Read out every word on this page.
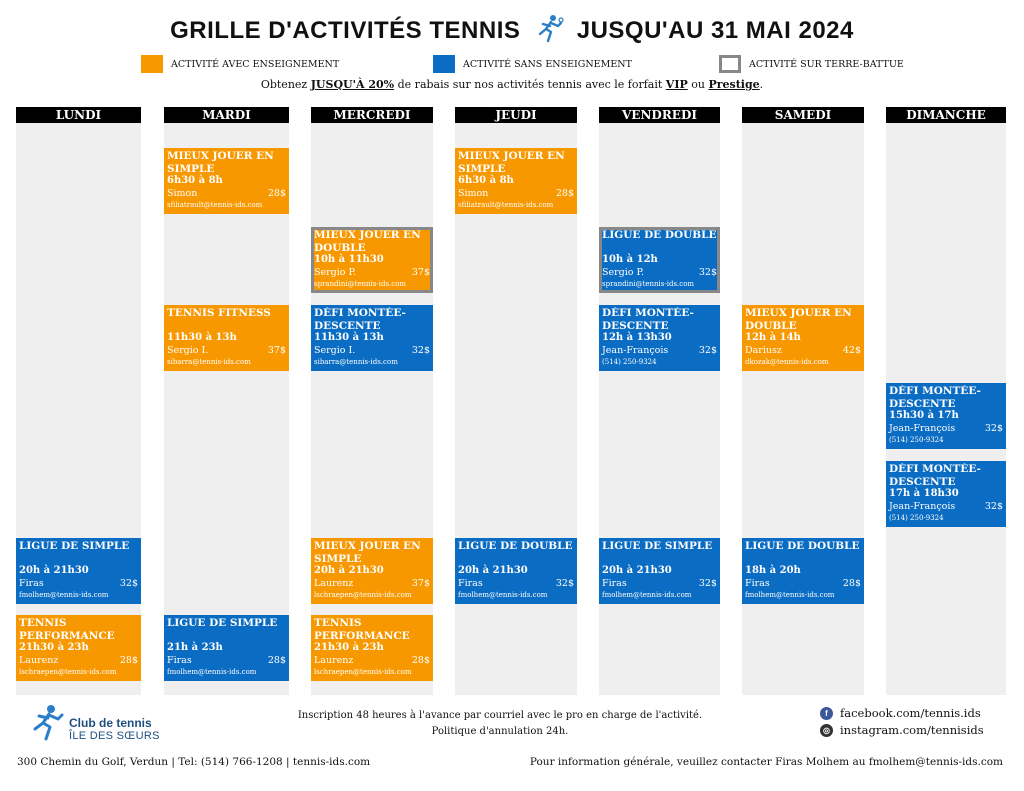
GRILLE D'ACTIVITÉS TENNIS JUSQU'AU 31 MAI 2024
ACTIVITÉ AVEC ENSEIGNEMENT	ACTIVITÉ SANS ENSEIGNEMENT	ACTIVITÉ SUR TERRE-BATTUE
Obtenez JUSQU'À 20% de rabais sur nos activités tennis avec le forfait VIP ou Prestige.
LUNDI	MARDI	MERCREDI	JEUDI	VENDREDI	SAMEDI	DIMANCHE
MIEUX JOUER EN SIMPLE
6h30 à 8h
Simon	28$
sfiliatrault@tennis-ids.com
MIEUX JOUER EN SIMPLE
6h30 à 8h
Simon	28$
sfiliatrault@tennis-ids.com
MIEUX JOUER EN DOUBLE
10h à 11h30
Sergio P.	37$
sprandini@tennis-ids.com
LIGUE DE DOUBLE
10h à 12h
Sergio P.	32$
sprandini@tennis-ids.com
TENNIS FITNESS
11h30 à 13h
Sergio I.	37$
sibarra@tennis-ids.com
DÉFI MONTÉE-DESCENTE
11h30 à 13h
Sergio I.	32$
sibarra@tennis-ids.com
DÉFI MONTÉE-DESCENTE
12h à 13h30
Jean-François	32$
(514) 250-9324
MIEUX JOUER EN DOUBLE
12h à 14h
Dariusz	42$
dkozak@tennis-ids.com
DÉFI MONTÉE-DESCENTE
15h30 à 17h
Jean-François	32$
(514) 250-9324
DÉFI MONTÉE-DESCENTE
17h à 18h30
Jean-François	32$
(514) 250-9324
LIGUE DE SIMPLE
20h à 21h30
Firas	32$
fmolhem@tennis-ids.com
MIEUX JOUER EN SIMPLE
20h à 21h30
Laurenz	37$
lschraepen@tennis-ids.com
LIGUE DE DOUBLE
20h à 21h30
Firas	32$
fmolhem@tennis-ids.com
LIGUE DE SIMPLE
20h à 21h30
Firas	32$
fmolhem@tennis-ids.com
LIGUE DE DOUBLE
18h à 20h
Firas	28$
fmolhem@tennis-ids.com
TENNIS PERFORMANCE
21h30 à 23h
Laurenz	28$
lschraepen@tennis-ids.com
LIGUE DE SIMPLE
21h à 23h
Firas	28$
fmolhem@tennis-ids.com
TENNIS PERFORMANCE
21h30 à 23h
Laurenz	28$
lschraepen@tennis-ids.com
Club de tennis
ÎLE DES SŒURS
Inscription 48 heures à l'avance par courriel avec le pro en charge de l'activité.
Politique d'annulation 24h.
f	facebook.com/tennis.ids
◎ instagram.com/tennisids
300 Chemin du Golf, Verdun | Tel: (514) 766-1208 | tennis-ids.com	Pour information générale, veuillez contacter Firas Molhem au fmolhem@tennis-ids.com
